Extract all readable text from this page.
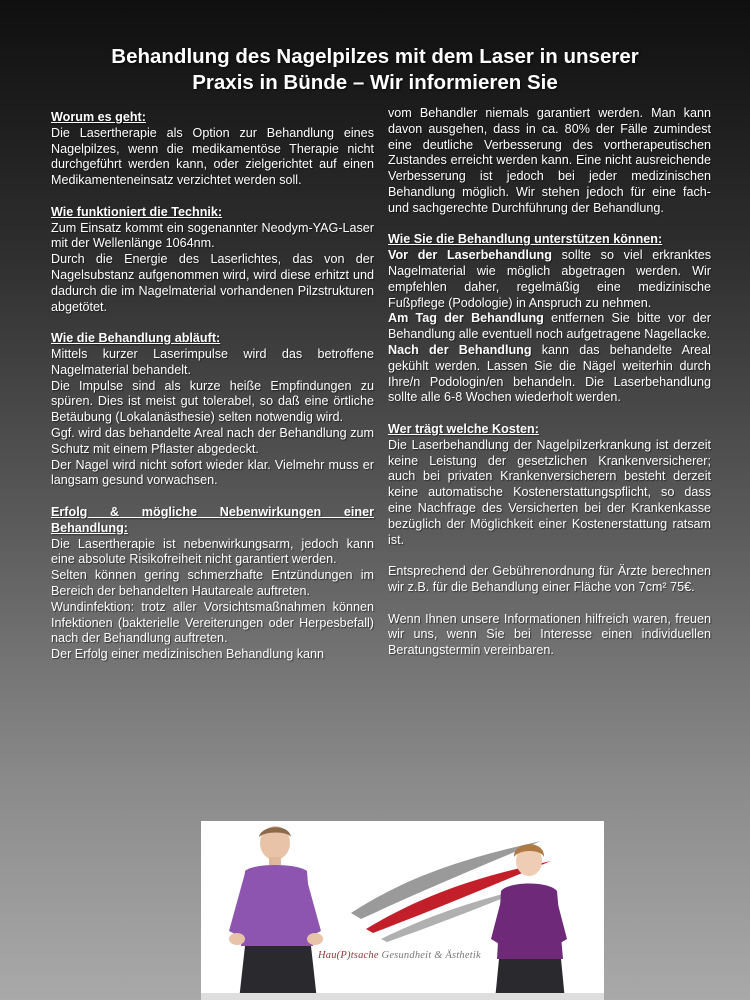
Behandlung des Nagelpilzes mit dem Laser in unserer
Praxis in Bünde – Wir informieren Sie
Worum es geht:
Die Lasertherapie als Option zur Behandlung eines Nagelpilzes, wenn die medikamentöse Therapie nicht durchgeführt werden kann, oder zielgerichtet auf einen Medikamenteneinsatz verzichtet werden soll.
Wie funktioniert die Technik:
Zum Einsatz kommt ein sogenannter Neodym-YAG-Laser mit der Wellenlänge 1064nm.
Durch die Energie des Laserlichtes, das von der Nagelsubstanz aufgenommen wird, wird diese erhitzt und dadurch die im Nagelmaterial vorhandenen Pilzstrukturen abgetötet.
Wie die Behandlung abläuft:
Mittels kurzer Laserimpulse wird das betroffene Nagelmaterial behandelt.
Die Impulse sind als kurze heiße Empfindungen zu spüren. Dies ist meist gut tolerabel, so daß eine örtliche Betäubung (Lokalanästhesie) selten notwendig wird.
Ggf. wird das behandelte Areal nach der Behandlung zum Schutz mit einem Pflaster abgedeckt.
Der Nagel wird nicht sofort wieder klar. Vielmehr muss er langsam gesund vorwachsen.
Erfolg & mögliche Nebenwirkungen einer Behandlung:
Die Lasertherapie ist nebenwirkungsarm, jedoch kann eine absolute Risikofreiheit nicht garantiert werden.
Selten können gering schmerzhafte Entzündungen im Bereich der behandelten Hautareale auftreten.
Wundinfektion: trotz aller Vorsichtsmaßnahmen können Infektionen (bakterielle Vereiterungen oder Herpesbefall) nach der Behandlung auftreten.
Der Erfolg einer medizinischen Behandlung kann
vom Behandler niemals garantiert werden. Man kann davon ausgehen, dass in ca. 80% der Fälle zumindest eine deutliche Verbesserung des vortherapeutischen Zustandes erreicht werden kann. Eine nicht ausreichende Verbesserung ist jedoch bei jeder medizinischen Behandlung möglich. Wir stehen jedoch für eine fach- und sachgerechte Durchführung der Behandlung.
Wie Sie die Behandlung unterstützen können:
Vor der Laserbehandlung sollte so viel erkranktes Nagelmaterial wie möglich abgetragen werden. Wir empfehlen daher, regelmäßig eine medizinische Fußpflege (Podologie) in Anspruch zu nehmen.
Am Tag der Behandlung entfernen Sie bitte vor der Behandlung alle eventuell noch aufgetragene Nagellacke.
Nach der Behandlung kann das behandelte Areal gekühlt werden. Lassen Sie die Nägel weiterhin durch Ihre/n Podologin/en behandeln. Die Laserbehandlung sollte alle 6-8 Wochen wiederholt werden.
Wer trägt welche Kosten:
Die Laserbehandlung der Nagelpilzerkrankung ist derzeit keine Leistung der gesetzlichen Krankenversicherer; auch bei privaten Krankenversicherern besteht derzeit keine automatische Kostenerstattungspflicht, so dass eine Nachfrage des Versicherten bei der Krankenkasse bezüglich der Möglichkeit einer Kostenerstattung ratsam ist.
Entsprechend der Gebührenordnung für Ärzte berechnen wir z.B. für die Behandlung einer Fläche von 7cm² 75€.
Wenn Ihnen unsere Informationen hilfreich waren, freuen wir uns, wenn Sie bei Interesse einen individuellen Beratungstermin vereinbaren.
Hau(P)tsache Gesundheit & Ästhetik
